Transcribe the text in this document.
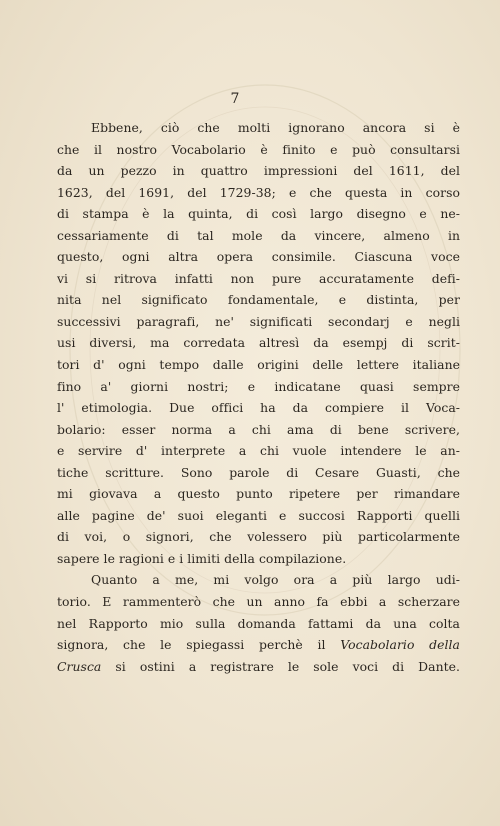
7
Ebbene, ciò che molti ignorano ancora si è
che il nostro Vocabolario è finito e può consultarsi
da un pezzo in quattro impressioni del 1611, del
1623, del 1691, del 1729-38; e che questa in corso
di stampa è la quinta, di così largo disegno e ne-
cessariamente di tal mole da vincere, almeno in
questo, ogni altra opera consimile. Ciascuna voce
vi si ritrova infatti non pure accuratamente defi-
nita nel significato fondamentale, e distinta, per
successivi paragrafi, ne' significati secondarj e negli
usi diversi, ma corredata altresì da esempj di scrit-
tori d' ogni tempo dalle origini delle lettere italiane
fino a' giorni nostri; e indicatane quasi sempre
l' etimologia. Due offici ha da compiere il Voca-
bolario: esser norma a chi ama di bene scrivere,
e servire d' interprete a chi vuole intendere le an-
tiche scritture. Sono parole di Cesare Guasti, che
mi giovava a questo punto ripetere per rimandare
alle pagine de' suoi eleganti e succosi Rapporti quelli
di voi, o signori, che volessero più particolarmente
sapere le ragioni e i limiti della compilazione.
Quanto a me, mi volgo ora a più largo udi-
torio. E rammenterò che un anno fa ebbi a scherzare
nel Rapporto mio sulla domanda fattami da una colta
signora, che le spiegassi perchè il Vocabolario della
Crusca si ostini a registrare le sole voci di Dante.
